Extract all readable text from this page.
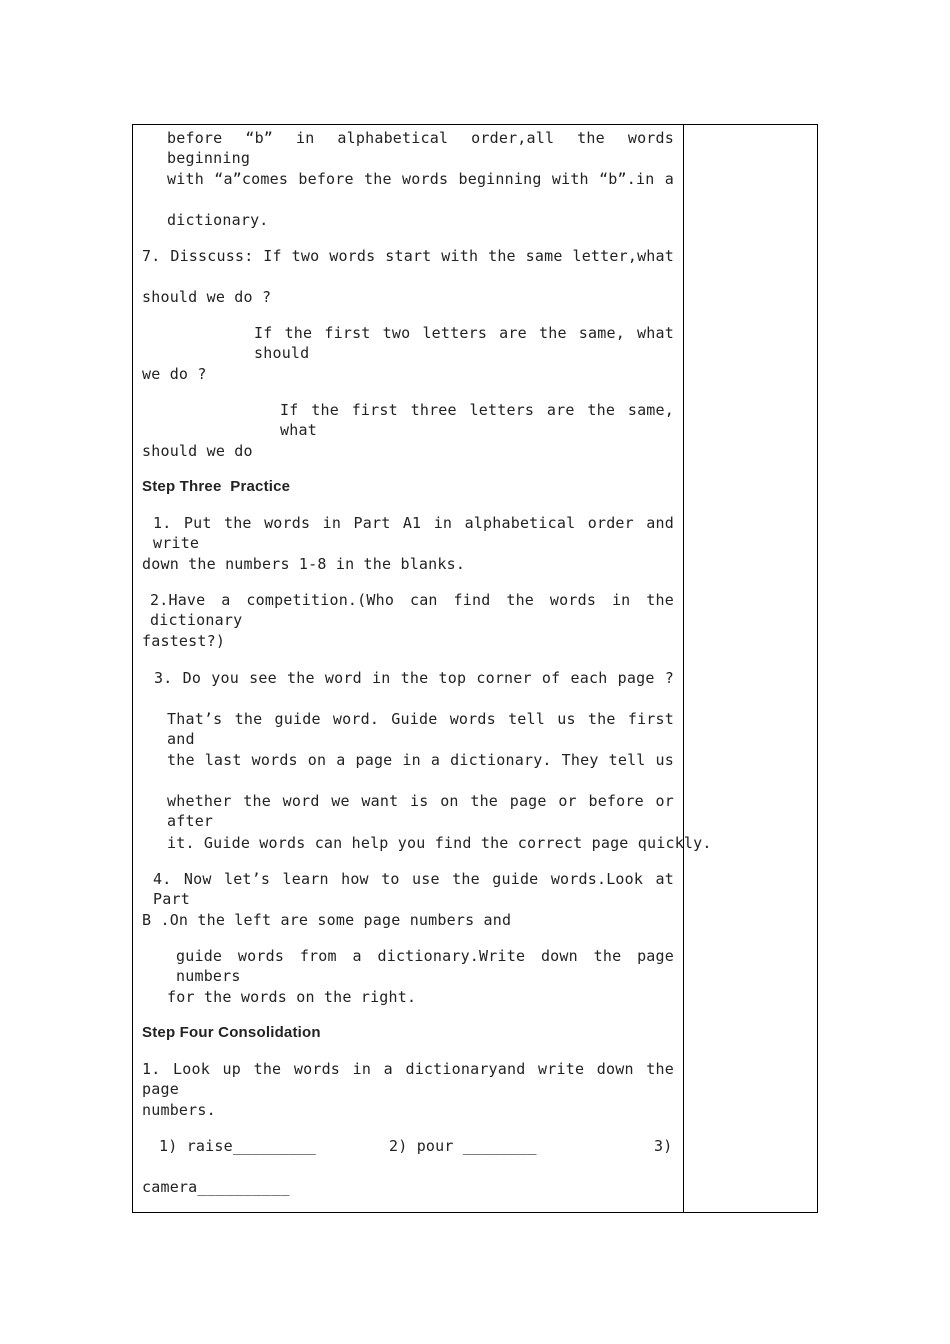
before “b” in alphabetical order,all the words beginning
with “a”comes before the words beginning with “b”.in a
dictionary.
7. Disscuss: If two words start with the same letter,what
should we do ?
If the first two letters are the same, what should
we do ?
If the first three letters are the same, what
should we do
Step Three  Practice
1. Put the words in Part A1 in alphabetical order and write
down the numbers 1-8 in the blanks.
2.Have a competition.(Who can find the words in the dictionary
fastest?)
3. Do you see the word in the top corner of each page ?
That’s the guide word. Guide words tell us the first and
the last words on a page in a dictionary. They tell us
whether the word we want is on the page or before or after
it. Guide words can help you find the correct page quickly.
4. Now let’s learn how to use the guide words.Look at Part
B .On the left are some page numbers and
guide words from a dictionary.Write down the page numbers
for the words on the right.
Step Four Consolidation
1. Look up the words in a dictionaryand write down the page
numbers.
1) raise_________	2) pour ________	3)
camera__________
